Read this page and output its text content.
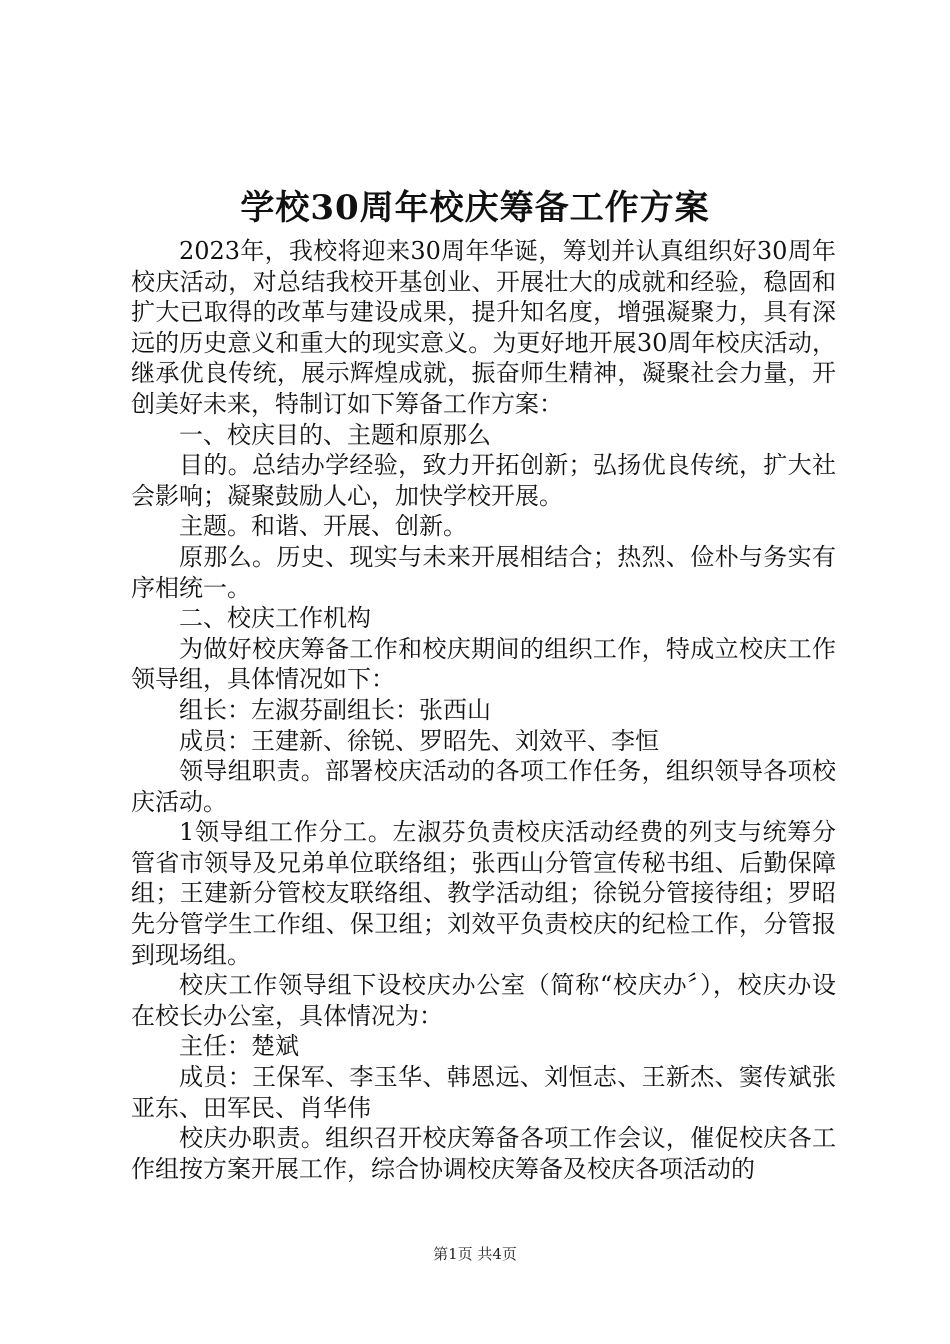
学校30周年校庆筹备工作方案

2023年，我校将迎来30周年华诞，筹划并认真组织好30周年校庆活动，对总结我校开基创业、开展壮大的成就和经验，稳固和扩大已取得的改革与建设成果，提升知名度，增强凝聚力，具有深远的历史意义和重大的现实意义。为更好地开展30周年校庆活动，继承优良传统，展示辉煌成就，振奋师生精神，凝聚社会力量，开创美好未来，特制订如下筹备工作方案：

一、校庆目的、主题和原那么

目的。总结办学经验，致力开拓创新；弘扬优良传统，扩大社会影响；凝聚鼓励人心，加快学校开展。

主题。和谐、开展、创新。

原那么。历史、现实与未来开展相结合；热烈、俭朴与务实有序相统一。

二、校庆工作机构

为做好校庆筹备工作和校庆期间的组织工作，特成立校庆工作领导组，具体情况如下：

组长：左淑芬副组长：张西山

成员：王建新、徐锐、罗昭先、刘效平、李恒

领导组职责。部署校庆活动的各项工作任务，组织领导各项校庆活动。

1领导组工作分工。左淑芬负责校庆活动经费的列支与统筹分管省市领导及兄弟单位联络组；张西山分管宣传秘书组、后勤保障组；王建新分管校友联络组、教学活动组；徐锐分管接待组；罗昭先分管学生工作组、保卫组；刘效平负责校庆的纪检工作，分管报到现场组。

校庆工作领导组下设校庆办公室（简称“校庆办〞），校庆办设在校长办公室，具体情况为：

主任：楚斌

成员：王保军、李玉华、韩恩远、刘恒志、王新杰、窦传斌张亚东、田军民、肖华伟

校庆办职责。组织召开校庆筹备各项工作会议，催促校庆各工作组按方案开展工作，综合协调校庆筹备及校庆各项活动的

第1页 共4页
